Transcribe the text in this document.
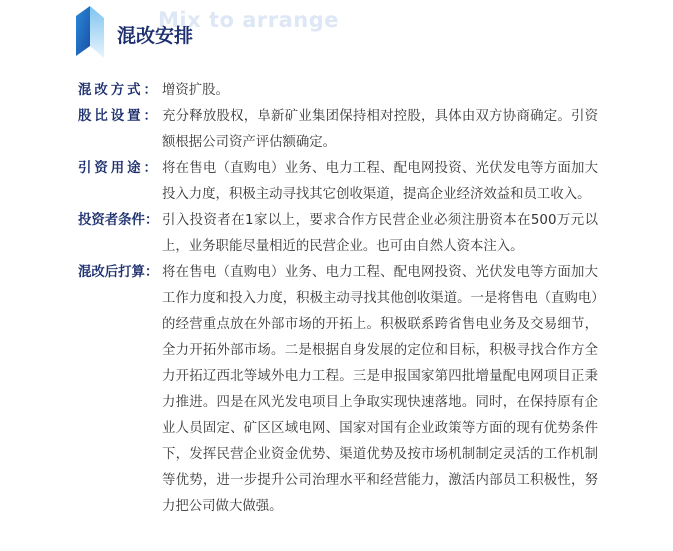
Mix to arrange
混改安排
混改方式： 增资扩股。
股比设置： 充分释放股权，阜新矿业集团保持相对控股，具体由双方协商确定。引资额根据公司资产评估额确定。
引资用途： 将在售电（直购电）业务、电力工程、配电网投资、光伏发电等方面加大投入力度，积极主动寻找其它创收渠道，提高企业经济效益和员工收入。
投资者条件： 引入投资者在1家以上，要求合作方民营企业必须注册资本在500万元以上，业务职能尽量相近的民营企业。也可由自然人资本注入。
混改后打算： 将在售电（直购电）业务、电力工程、配电网投资、光伏发电等方面加大工作力度和投入力度，积极主动寻找其他创收渠道。一是将售电（直购电）的经营重点放在外部市场的开拓上。积极联系跨省售电业务及交易细节，全力开拓外部市场。二是根据自身发展的定位和目标，积极寻找合作方全力开拓辽西北等域外电力工程。三是申报国家第四批增量配电网项目正秉力推进。四是在风光发电项目上争取实现快速落地。同时，在保持原有企业人员固定、矿区区域电网、国家对国有企业政策等方面的现有优势条件下，发挥民营企业资金优势、渠道优势及按市场机制制定灵活的工作机制等优势，进一步提升公司治理水平和经营能力，激活内部员工积极性，努力把公司做大做强。
